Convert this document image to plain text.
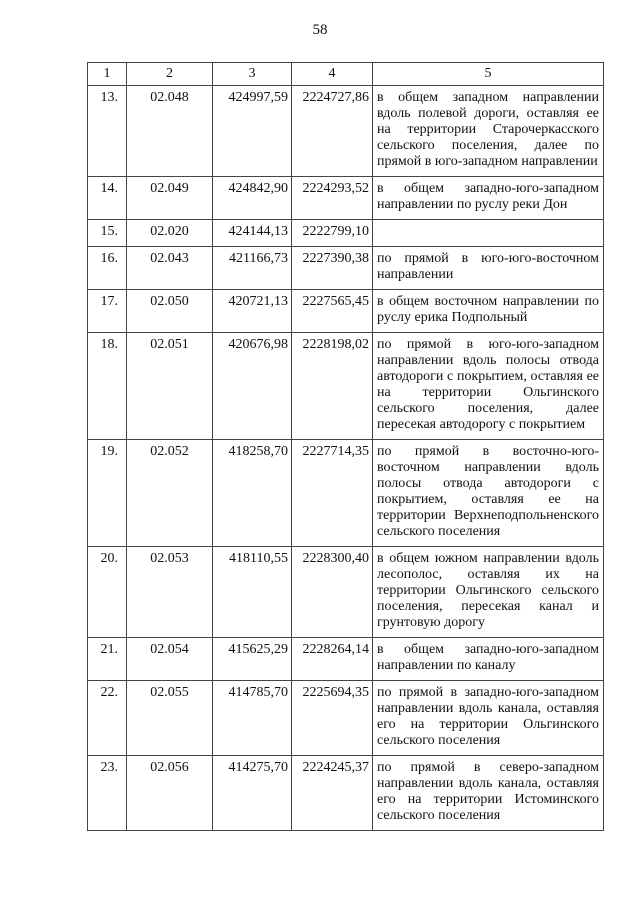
58
1	2	3	4	5
13.	02.048	424997,59	2224727,86	в общем западном направлении вдоль полевой дороги, оставляя ее на территории Старочеркасского сельского поселения, далее по прямой в юго-западном направлении
14.	02.049	424842,90	2224293,52	в общем западно-юго-западном направлении по руслу реки Дон
15.	02.020	424144,13	2222799,10	
16.	02.043	421166,73	2227390,38	по прямой в юго-юго-восточном направлении
17.	02.050	420721,13	2227565,45	в общем восточном направлении по руслу ерика Подпольный
18.	02.051	420676,98	2228198,02	по прямой в юго-юго-западном направлении вдоль полосы отвода автодороги с покрытием, оставляя ее на территории Ольгинского сельского поселения, далее пересекая автодорогу с покрытием
19.	02.052	418258,70	2227714,35	по прямой в восточно-юго-восточном направлении вдоль полосы отвода автодороги с покрытием, оставляя ее на территории Верхнеподпольненского сельского поселения
20.	02.053	418110,55	2228300,40	в общем южном направлении вдоль лесополос, оставляя их на территории Ольгинского сельского поселения, пересекая канал и грунтовую дорогу
21.	02.054	415625,29	2228264,14	в общем западно-юго-западном направлении по каналу
22.	02.055	414785,70	2225694,35	по прямой в западно-юго-западном направлении вдоль канала, оставляя его на территории Ольгинского сельского поселения
23.	02.056	414275,70	2224245,37	по прямой в северо-западном направлении вдоль канала, оставляя его на территории Истоминского сельского поселения
